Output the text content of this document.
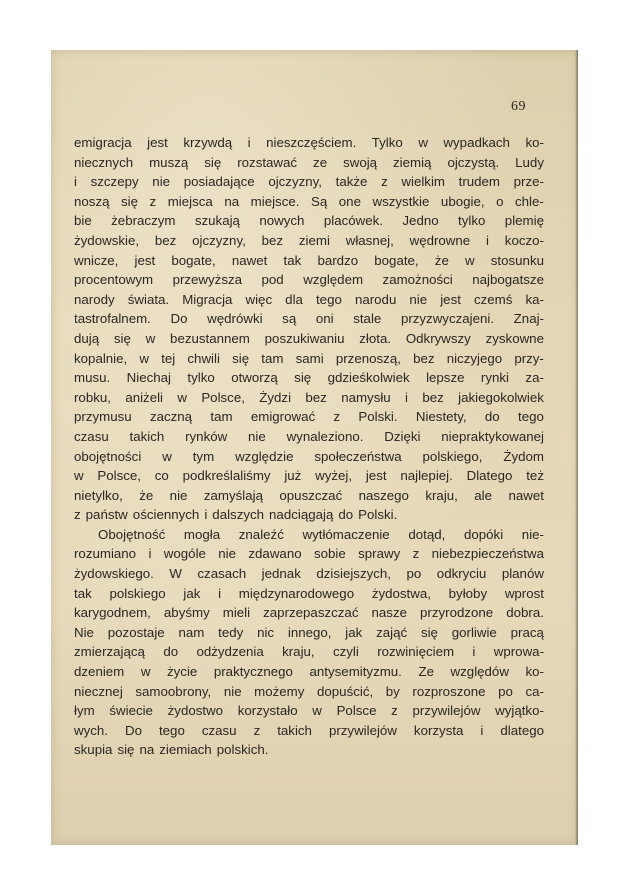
69
emigracja jest krzywdą i nieszczęściem. Tylko w wypadkach ko-
niecznych muszą się rozstawać ze swoją ziemią ojczystą. Ludy
i szczepy nie posiadające ojczyzny, także z wielkim trudem prze-
noszą się z miejsca na miejsce. Są one wszystkie ubogie, o chle-
bie żebraczym szukają nowych placówek. Jedno tylko plemię
żydowskie, bez ojczyzny, bez ziemi własnej, wędrowne i koczo-
wnicze, jest bogate, nawet tak bardzo bogate, że w stosunku
procentowym przewyższa pod względem zamożności najbogatsze
narody świata. Migracja więc dla tego narodu nie jest czemś ka-
tastrofalnem. Do wędrówki są oni stale przyzwyczajeni. Znaj-
dują się w bezustannem poszukiwaniu złota. Odkrywszy zyskowne
kopalnie, w tej chwili się tam sami przenoszą, bez niczyjego przy-
musu. Niechaj tylko otworzą się gdzieśkolwiek lepsze rynki za-
robku, aniżeli w Polsce, Żydzi bez namysłu i bez jakiegokolwiek
przymusu zaczną tam emigrować z Polski. Niestety, do tego
czasu takich rynków nie wynaleziono. Dzięki niepraktykowanej
obojętności w tym względzie społeczeństwa polskiego, Żydom
w Polsce, co podkreślaliśmy już wyżej, jest najlepiej. Dlatego też
nietylko, że nie zamyślają opuszczać naszego kraju, ale nawet
z państw ościennych i dalszych nadciągają do Polski.
Obojętność mogła znaleźć wytłómaczenie dotąd, dopóki nie-
rozumiano i wogóle nie zdawano sobie sprawy z niebezpieczeństwa
żydowskiego. W czasach jednak dzisiejszych, po odkryciu planów
tak polskiego jak i międzynarodowego żydostwa, byłoby wprost
karygodnem, abyśmy mieli zaprzepaszczać nasze przyrodzone dobra.
Nie pozostaje nam tedy nic innego, jak zająć się gorliwie pracą
zmierzającą do odżydzenia kraju, czyli rozwinięciem i wprowa-
dzeniem w życie praktycznego antysemityzmu. Ze względów ko-
niecznej samoobrony, nie możemy dopuścić, by rozproszone po ca-
łym świecie żydostwo korzystało w Polsce z przywilejów wyjątko-
wych. Do tego czasu z takich przywilejów korzysta i dlatego
skupia się na ziemiach polskich.
